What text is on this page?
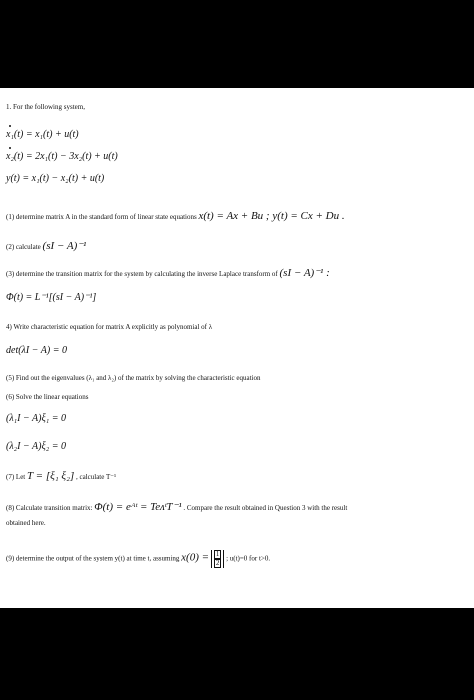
1. For the following system,
x₁(t) = x₁(t) + u(t)
x₂(t) = 2x₁(t) − 3x₂(t) + u(t)
y(t) = x₁(t) − x₂(t) + u(t)
(1) determine matrix A in the standard form of linear state equations x(t) = Ax + Bu ; y(t) = Cx + Du .
(2) calculate (sI − A)⁻¹
(3) determine the transition matrix for the system by calculating the inverse Laplace transform of (sI − A)⁻¹ :
Φ(t) = L⁻¹[(sI − A)⁻¹]
4) Write characteristic equation for matrix A explicitly as polynomial of λ
det(λI − A) = 0
(5) Find out the eigenvalues (λ₁ and λ₂) of the matrix by solving the characteristic equation
(6) Solve the linear equations
(λ₁I − A)ξ₁ = 0
(λ₂I − A)ξ₂ = 0
(7) Let T = [ξ₁ ξ₂] , calculate T⁻¹
(8) Calculate transition matrix: Φ(t) = eᴬᵗ = TeᴧᵗT⁻¹ . Compare the result obtained in Question 3 with the result
obtained here.
(9) determine the output of the system y(t) at time t, assuming $x(0) = \frac{1}{2}$ ; u(t)=0 for t>0.
